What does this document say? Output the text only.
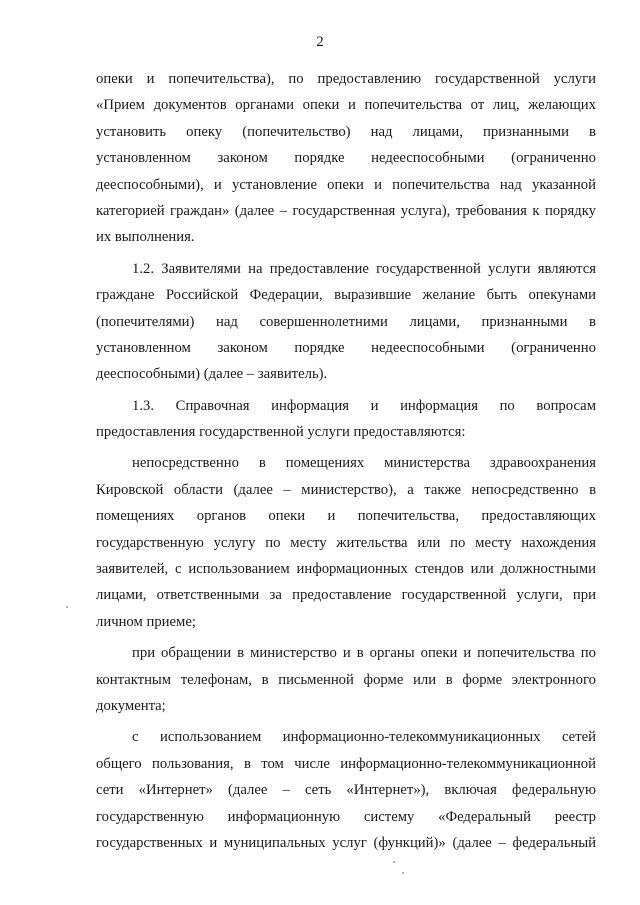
2

опеки и попечительства), по предоставлению государственной услуги
«Прием документов органами опеки и попечительства от лиц, желающих
установить опеку (попечительство) над лицами, признанными в
установленном законом порядке недееспособными (ограниченно
дееспособными), и установление опеки и попечительства над указанной
категорией граждан» (далее – государственная услуга), требования к порядку
их выполнения.

1.2. Заявителями на предоставление государственной услуги являются
граждане Российской Федерации, выразившие желание быть опекунами
(попечителями) над совершеннолетними лицами, признанными в
установленном законом порядке недееспособными (ограниченно
дееспособными) (далее – заявитель).

1.3. Справочная информация и информация по вопросам
предоставления государственной услуги предоставляются:

непосредственно в помещениях министерства здравоохранения
Кировской области (далее – министерство), а также непосредственно в
помещениях органов опеки и попечительства, предоставляющих
государственную услугу по месту жительства или по месту нахождения
заявителей, с использованием информационных стендов или должностными
лицами, ответственными за предоставление государственной услуги, при
личном приеме;

при обращении в министерство и в органы опеки и попечительства по
контактным телефонам, в письменной форме или в форме электронного
документа;

с использованием информационно-телекоммуникационных сетей
общего пользования, в том числе информационно-телекоммуникационной
сети «Интернет» (далее – сеть «Интернет»), включая федеральную
государственную информационную систему «Федеральный реестр
государственных и муниципальных услуг (функций)» (далее – федеральный
